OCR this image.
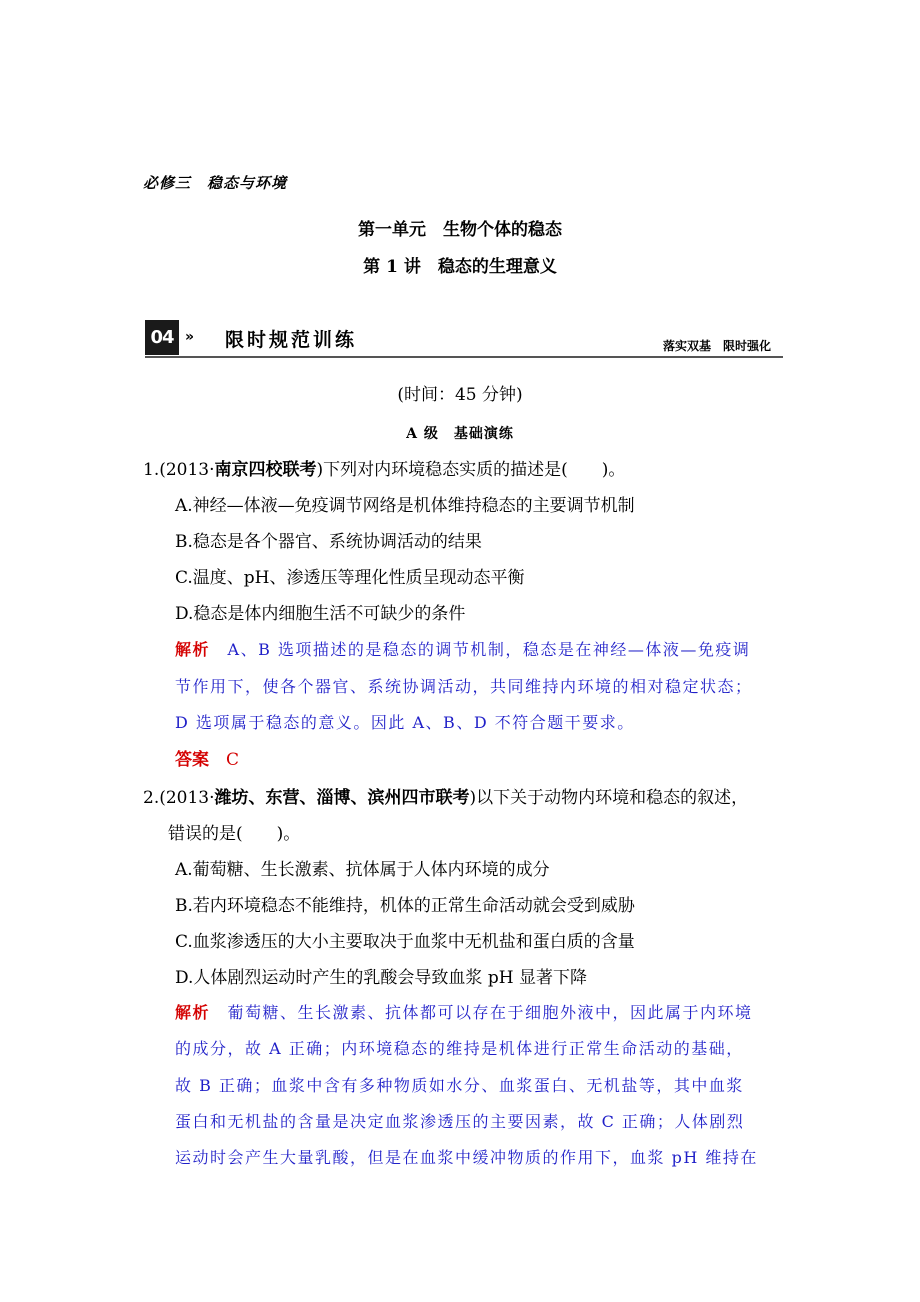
必修三　稳态与环境
第一单元　生物个体的稳态
第 1 讲　稳态的生理意义
04 » 限时规范训练	落实双基　限时强化
(时间：45 分钟)
A 级　基础演练
1.(2013·南京四校联考)下列对内环境稳态实质的描述是(　　)。
A.神经—体液—免疫调节网络是机体维持稳态的主要调节机制
B.稳态是各个器官、系统协调活动的结果
C.温度、pH、渗透压等理化性质呈现动态平衡
D.稳态是体内细胞生活不可缺少的条件
解析　 A、B 选项描述的是稳态的调节机制，稳态是在神经—体液—免疫调
节作用下，使各个器官、系统协调活动，共同维持内环境的相对稳定状态；
D 选项属于稳态的意义。因此 A、B、D 不符合题干要求。
答案　 C
2.(2013·潍坊、东营、淄博、滨州四市联考)以下关于动物内环境和稳态的叙述，
错误的是(　　)。
A.葡萄糖、生长激素、抗体属于人体内环境的成分
B.若内环境稳态不能维持，机体的正常生命活动就会受到威胁
C.血浆渗透压的大小主要取决于血浆中无机盐和蛋白质的含量
D.人体剧烈运动时产生的乳酸会导致血浆 pH 显著下降
解析　 葡萄糖、生长激素、抗体都可以存在于细胞外液中，因此属于内环境
的成分，故 A 正确；内环境稳态的维持是机体进行正常生命活动的基础，
故 B 正确；血浆中含有多种物质如水分、血浆蛋白、无机盐等，其中血浆
蛋白和无机盐的含量是决定血浆渗透压的主要因素，故 C 正确；人体剧烈
运动时会产生大量乳酸，但是在血浆中缓冲物质的作用下，血浆 pH 维持在
